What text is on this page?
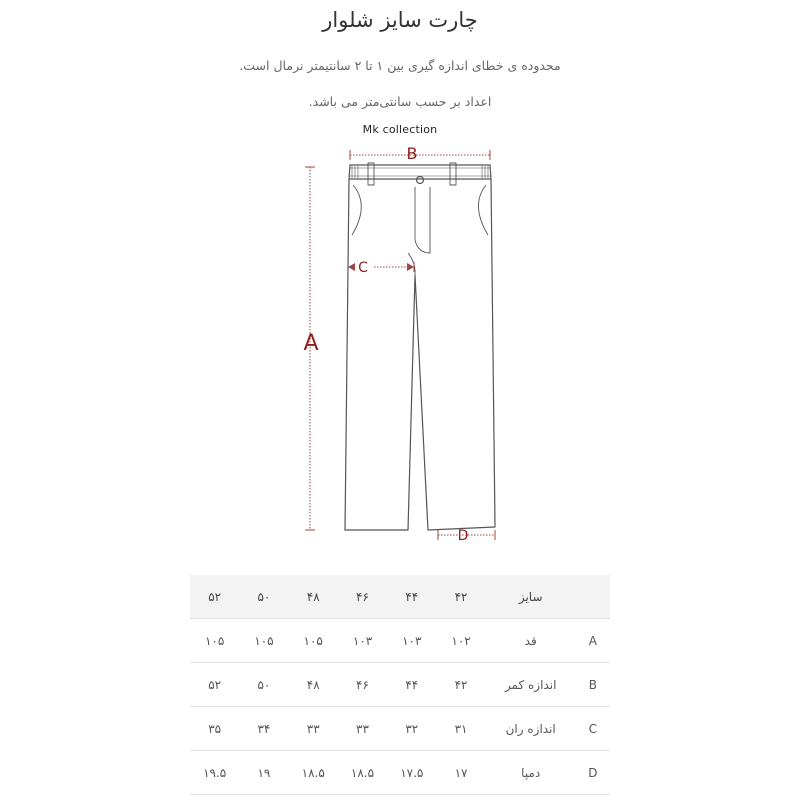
چارت سایز شلوار

محدوده ی خطای اندازه گیری بین ۱ تا ۲ سانتیمتر نرمال است.

اعداد بر حسب سانتی‌متر می باشد.

Mk collection
B
A
C
D
۵۲	۵۰	۴۸	۴۶	۴۴	۴۲	سایز	
۱۰۵	۱۰۵	۱۰۵	۱۰۳	۱۰۳	۱۰۲	قد	A
۵۲	۵۰	۴۸	۴۶	۴۴	۴۲	اندازه کمر	B
۳۵	۳۴	۳۳	۳۳	۳۲	۳۱	اندازه ران	C
۱۹.۵	۱۹	۱۸.۵	۱۸.۵	۱۷.۵	۱۷	دمپا	D
